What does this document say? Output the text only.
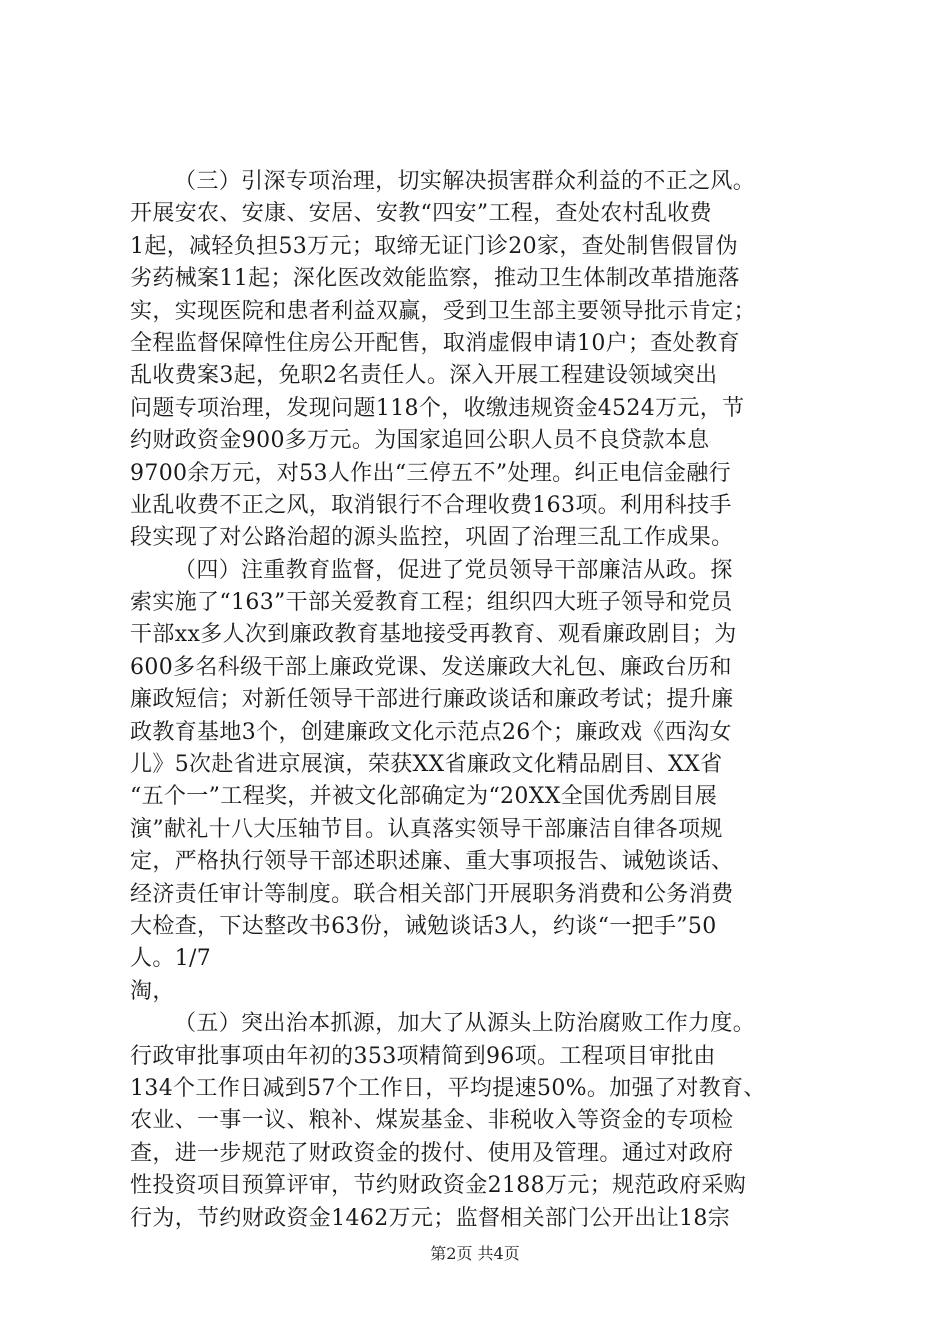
（三）引深专项治理，切实解决损害群众利益的不正之风。
开展安农、安康、安居、安教“四安”工程，查处农村乱收费
1起，减轻负担53万元；取缔无证门诊20家，查处制售假冒伪
劣药械案11起；深化医改效能监察，推动卫生体制改革措施落
实，实现医院和患者利益双赢，受到卫生部主要领导批示肯定；
全程监督保障性住房公开配售，取消虚假申请10户；查处教育
乱收费案3起，免职2名责任人。深入开展工程建设领域突出
问题专项治理，发现问题118个，收缴违规资金4524万元，节
约财政资金900多万元。为国家追回公职人员不良贷款本息
9700余万元，对53人作出“三停五不”处理。纠正电信金融行
业乱收费不正之风，取消银行不合理收费163项。利用科技手
段实现了对公路治超的源头监控，巩固了治理三乱工作成果。
（四）注重教育监督，促进了党员领导干部廉洁从政。探
索实施了“163”干部关爱教育工程；组织四大班子领导和党员
干部xx多人次到廉政教育基地接受再教育、观看廉政剧目；为
600多名科级干部上廉政党课、发送廉政大礼包、廉政台历和
廉政短信；对新任领导干部进行廉政谈话和廉政考试；提升廉
政教育基地3个，创建廉政文化示范点26个；廉政戏《西沟女
儿》5次赴省进京展演，荣获XX省廉政文化精品剧目、XX省
“五个一”工程奖，并被文化部确定为“20XX全国优秀剧目展
演”献礼十八大压轴节目。认真落实领导干部廉洁自律各项规
定，严格执行领导干部述职述廉、重大事项报告、诫勉谈话、
经济责任审计等制度。联合相关部门开展职务消费和公务消费
大检查，下达整改书63份，诫勉谈话3人，约谈“一把手”50
人。1/7
淘，
（五）突出治本抓源，加大了从源头上防治腐败工作力度。
行政审批事项由年初的353项精简到96项。工程项目审批由
134个工作日减到57个工作日，平均提速50%。加强了对教育、
农业、一事一议、粮补、煤炭基金、非税收入等资金的专项检
查，进一步规范了财政资金的拨付、使用及管理。通过对政府
性投资项目预算评审，节约财政资金2188万元；规范政府采购
行为，节约财政资金1462万元；监督相关部门公开出让18宗
第2页 共4页
